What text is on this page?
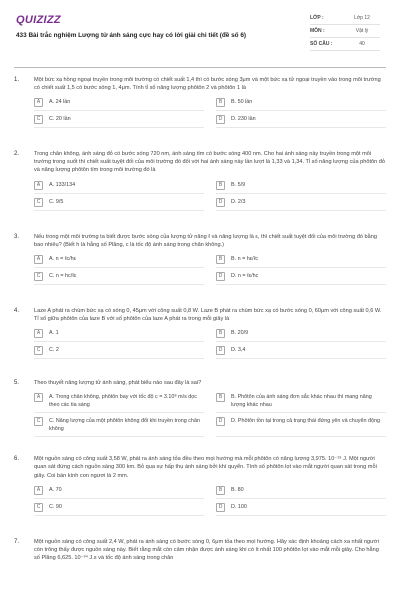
QUIZIZZ
433 Bài trắc nghiệm Lượng tử ánh sáng cực hay có lời giải chi tiết (đề số 6)
LỚP :	Lớp 12
MÔN :	Vật lý
SỐ CÂU :	40
1.	Một bức xạ hồng ngoại truyền trong môi trường có chiết suất 1,4 thì có bước sóng 3μm và một bức xạ tử ngoại truyền vào trong môi trường có chiết suất 1,5 có bước sóng 1, 4μm. Tính tỉ số năng lượng phôtôn 2 và phôtôn 1 là
A	A. 24 lần	B	B. 50 lần
C	C. 20 lần	D	D. 230 lần
2.	Trong chân không, ánh sáng đỏ có bước sóng 720 nm, ánh sáng tím có bước sóng 400 nm. Cho hai ánh sáng này truyền trong một môi trường trong suốt thì chiết suất tuyệt đối của môi trường đó đối với hai ánh sáng này lần lượt là 1,33 và 1,34. Tỉ số năng lượng của phôtôn đỏ và năng lượng phôtôn tím trong môi trường đó là
A	A. 133/134	B	B. 5/9
C	C. 9/5	D	D. 2/3
3.	Nếu trong một môi trường ta biết được bước sóng của lượng tử năng ℓ và năng lượng là ε, thì chiết suất tuyệt đối của môi trường đó bằng bao nhiêu? (Biết h là hằng số Plăng, c là tốc độ ánh sáng trong chân không.)
A	A. n = ℓc/hε	B	B. n = hε/ℓc
C	C. n = hc/ℓε	D	D. n = ℓε/hc
4.	Laze A phát ra chùm bức xạ có sóng 0, 45μm với công suất 0,8 W. Laze B phát ra chùm bức xạ có bước sóng 0, 60μm với công suất 0,6 W. Tỉ số giữa phôtôn của laze B với số phôtôn của laze A phát ra trong mỗi giây là
A	A. 1	B	B. 20/9
C	C. 2	D	D. 3,4
5.	Theo thuyết năng lượng tử ánh sáng, phát biểu nào sau đây là sai?
A	A. Trong chân không, phôtôn bay với tốc độ c = 3.10⁸ m/s dọc theo các tia sáng
B	B. Phôtôn của ánh sáng đơn sắc khác nhau thì mang năng lượng khác nhau
C	C. Năng lượng của một phôtôn không đổi khi truyền trong chân không
D	D. Phôtôn tồn tại trong cả trạng thái đứng yên và chuyển động
6.	Một nguồn sáng có công suất 3,58 W, phát ra ánh sáng tỏa đều theo mọi hướng mà mỗi phôtôn có năng lượng 3,975. 10⁻¹⁹ J. Một người quan sát đứng cách nguồn sáng 300 km. Bỏ qua sự hấp thụ ánh sáng bởi khí quyển. Tính số phôtôn lọt vào mắt người quan sát trong mỗi giây. Coi bán kính con ngươi là 2 mm.
A	A. 70	B	B. 80
C	C. 90	D	D. 100
7.	Một nguồn sáng có công suất 2,4 W, phát ra ánh sáng có bước sóng 0, 6μm tỏa theo mọi hướng. Hãy xác định khoảng cách xa nhất người còn trông thấy được nguồn sáng này. Biết rằng mắt còn cảm nhận được ánh sáng khi có ít nhất 100 phôtôn lọt vào mắt mỗi giây. Cho hằng số Plăng 6,625. 10⁻³⁴ J.s và tốc độ ánh sáng trong chân
